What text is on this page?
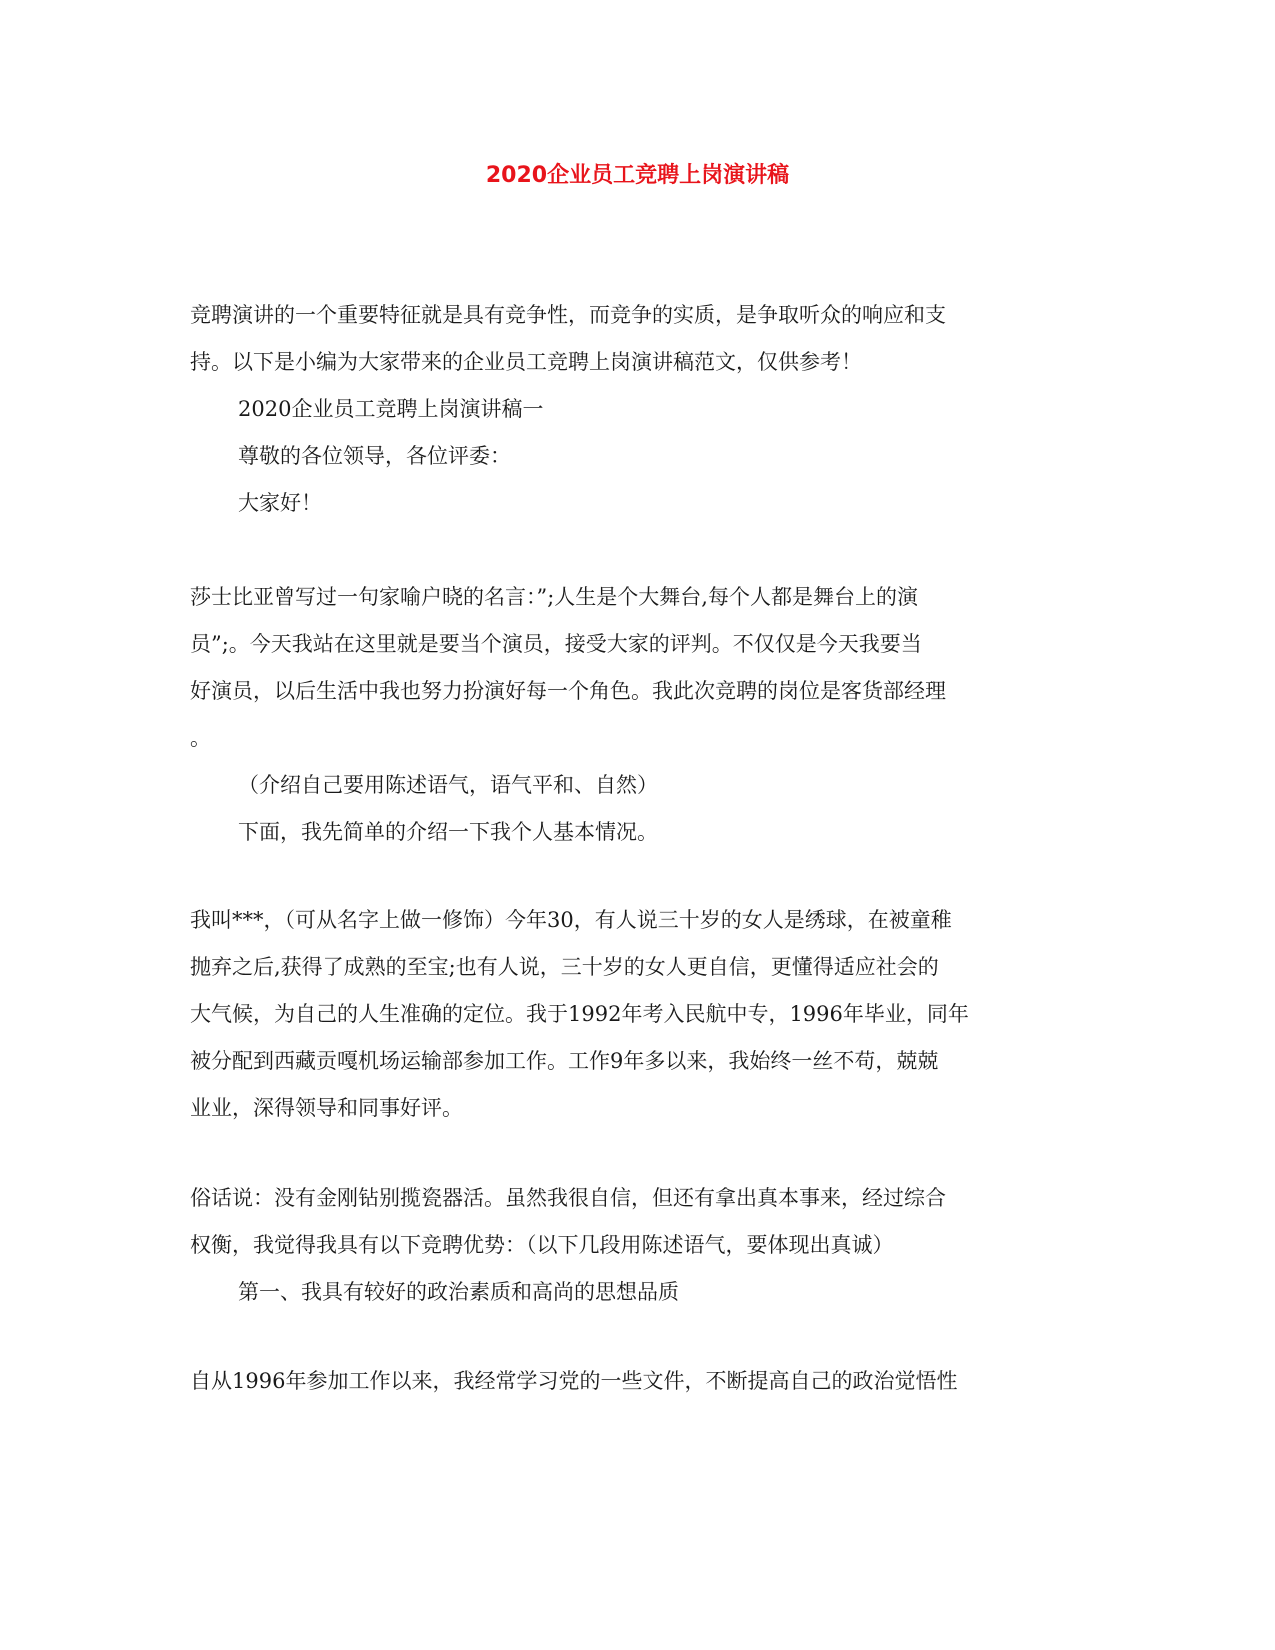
2020企业员工竞聘上岗演讲稿

竞聘演讲的一个重要特征就是具有竞争性，而竞争的实质，是争取听众的响应和支
持。以下是小编为大家带来的企业员工竞聘上岗演讲稿范文，仅供参考！

2020企业员工竞聘上岗演讲稿一

尊敬的各位领导，各位评委：

大家好！

莎士比亚曾写过一句家喻户晓的名言：”;人生是个大舞台,每个人都是舞台上的演
员”;。今天我站在这里就是要当个演员，接受大家的评判。不仅仅是今天我要当
好演员，以后生活中我也努力扮演好每一个角色。我此次竞聘的岗位是客货部经理
。

（介绍自己要用陈述语气，语气平和、自然）

下面，我先简单的介绍一下我个人基本情况。

我叫***，（可从名字上做一修饰）今年30，有人说三十岁的女人是绣球，在被童稚
抛弃之后,获得了成熟的至宝;也有人说，三十岁的女人更自信，更懂得适应社会的
大气候，为自己的人生准确的定位。我于1992年考入民航中专，1996年毕业，同年
被分配到西藏贡嘎机场运输部参加工作。工作9年多以来，我始终一丝不苟，兢兢
业业，深得领导和同事好评。

俗话说：没有金刚钻别揽瓷器活。虽然我很自信，但还有拿出真本事来，经过综合
权衡，我觉得我具有以下竞聘优势：（以下几段用陈述语气，要体现出真诚）

第一、我具有较好的政治素质和高尚的思想品质

自从1996年参加工作以来，我经常学习党的一些文件，不断提高自己的政治觉悟性
